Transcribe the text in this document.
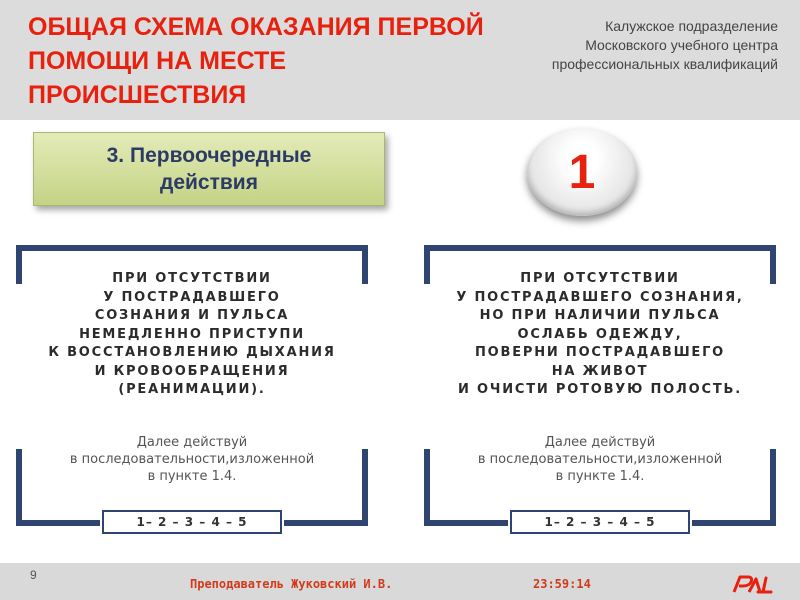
ОБЩАЯ СХЕМА ОКАЗАНИЯ ПЕРВОЙ
ПОМОЩИ НА МЕСТЕ
ПРОИСШЕСТВИЯ
Калужское подразделение
Московского учебного центра
профессиональных квалификаций
3. Первоочередные
действия	1
ПРИ ОТСУТСТВИИ
У ПОСТРАДАВШЕГО
СОЗНАНИЯ И ПУЛЬСА
НЕМЕДЛЕННО ПРИСТУПИ
К ВОССТАНОВЛЕНИЮ ДЫХАНИЯ
И КРОВООБРАЩЕНИЯ
(РЕАНИМАЦИИ).
Далее действуй
в последовательности,изложенной
в пункте 1.4.
1– 2 – 3 – 4 – 5
ПРИ ОТСУТСТВИИ
У ПОСТРАДАВШЕГО СОЗНАНИЯ,
НО ПРИ НАЛИЧИИ ПУЛЬСА
ОСЛАБЬ ОДЕЖДУ,
ПОВЕРНИ ПОСТРАДАВШЕГО
НА ЖИВОТ
И ОЧИСТИ РОТОВУЮ ПОЛОСТЬ.
Далее действуй
в последовательности,изложенной
в пункте 1.4.
1– 2 – 3 – 4 – 5
9
Преподаватель Жуковский И.В.	23:59:14
